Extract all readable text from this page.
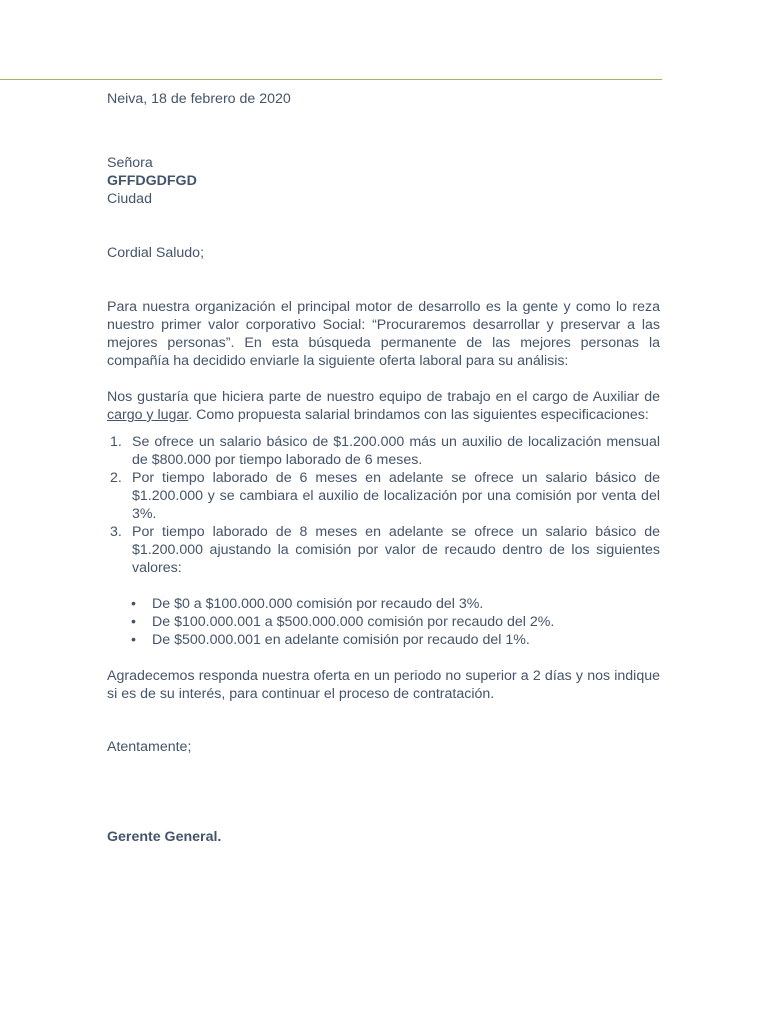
Neiva, 18 de febrero de 2020

Señora

GFFDGDFGD

Ciudad

Cordial Saludo;

Para nuestra organización el principal motor de desarrollo es la gente y como lo reza nuestro primer valor corporativo Social: “Procuraremos desarrollar y preservar a las mejores personas”. En esta búsqueda permanente de las mejores personas la compañía ha decidido enviarle la siguiente oferta laboral para su análisis:

Nos gustaría que hiciera parte de nuestro equipo de trabajo en el cargo de Auxiliar de cargo y lugar. Como propuesta salarial brindamos con las siguientes especificaciones:

1. Se ofrece un salario básico de $1.200.000 más un auxilio de localización mensual de $800.000 por tiempo laborado de 6 meses.
2. Por tiempo laborado de 6 meses en adelante se ofrece un salario básico de $1.200.000 y se cambiara el auxilio de localización por una comisión por venta del 3%.
3. Por tiempo laborado de 8 meses en adelante se ofrece un salario básico de $1.200.000 ajustando la comisión por valor de recaudo dentro de los siguientes valores:
• De $0 a $100.000.000 comisión por recaudo del 3%.
• De $100.000.001 a $500.000.000 comisión por recaudo del 2%.
• De $500.000.001 en adelante comisión por recaudo del 1%.

Agradecemos responda nuestra oferta en un periodo no superior a 2 días y nos indique si es de su interés, para continuar el proceso de contratación.

Atentamente;

Gerente General.
